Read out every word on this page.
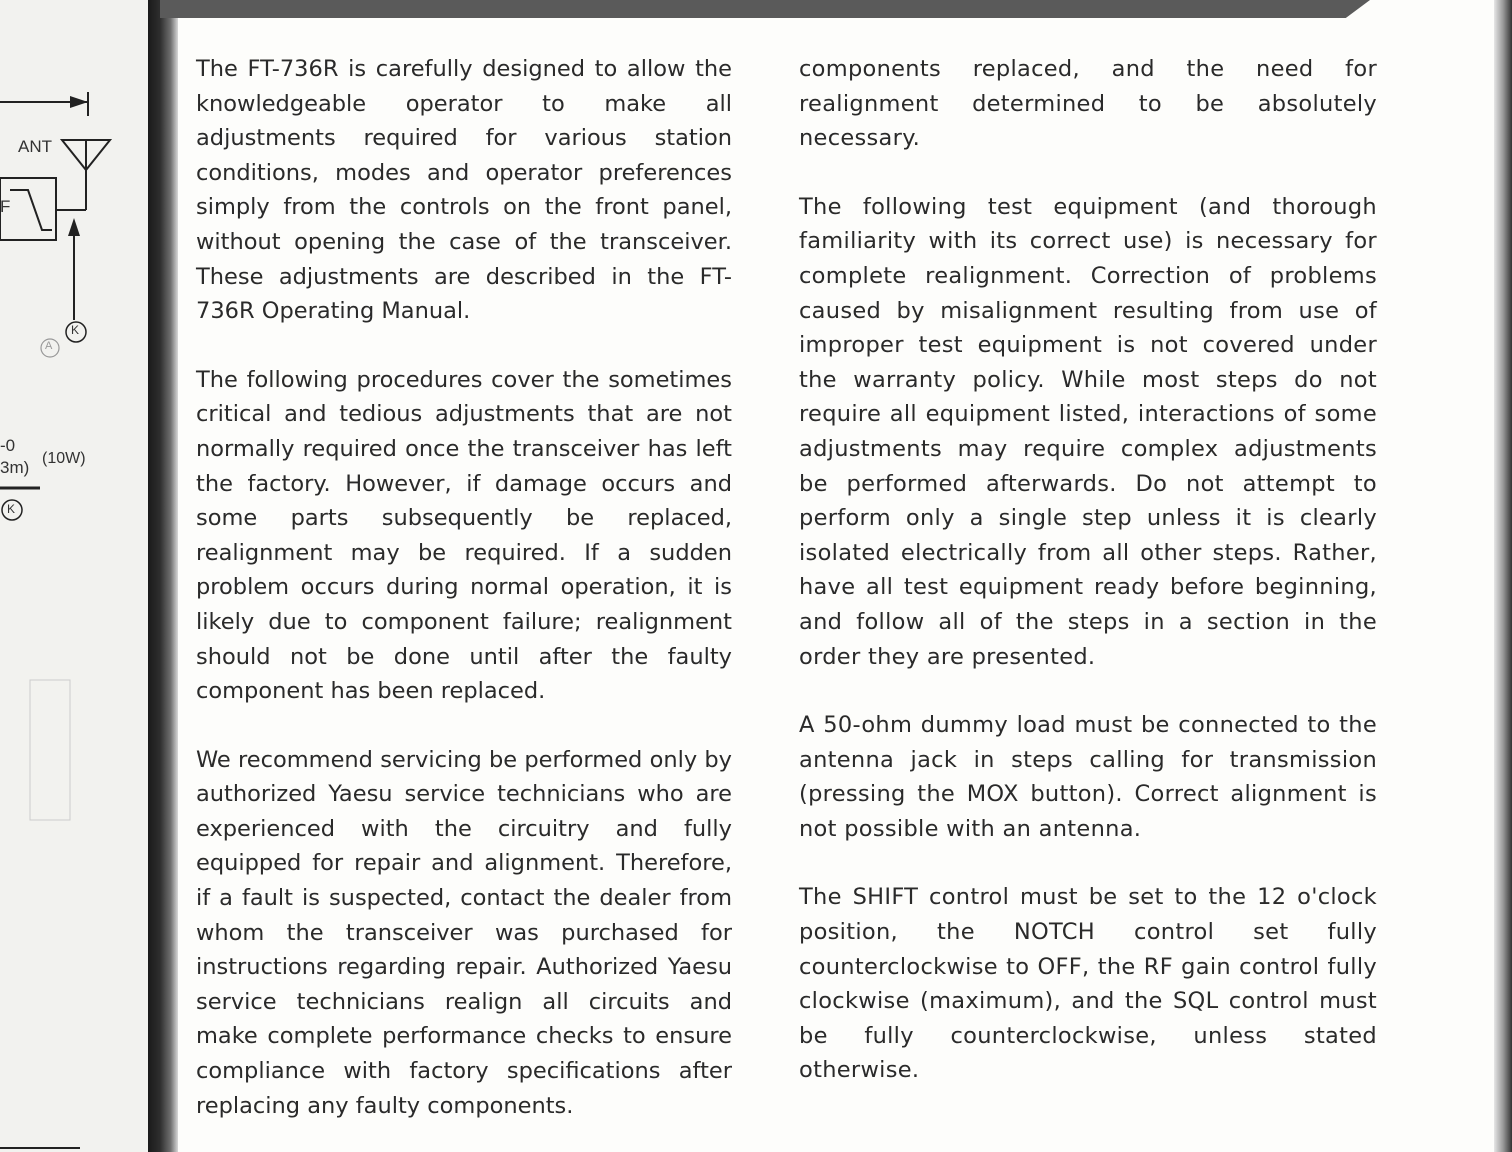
ANT
F
K
A
-0
3m) (10W)
K

The FT-736R is carefully designed to allow the knowledgeable operator to make all adjustments required for various station conditions, modes and operator preferences simply from the controls on the front panel, without opening the case of the transceiver. These adjustments are described in the FT-736R Operating Manual.

The following procedures cover the sometimes critical and tedious adjustments that are not normally required once the transceiver has left the factory. However, if damage occurs and some parts subsequently be replaced, realignment may be required. If a sudden problem occurs during normal operation, it is likely due to component failure; realignment should not be done until after the faulty component has been replaced.

We recommend servicing be performed only by authorized Yaesu service technicians who are experienced with the circuitry and fully equipped for repair and alignment. Therefore, if a fault is suspected, contact the dealer from whom the transceiver was purchased for instructions regarding repair. Authorized Yaesu service technicians realign all circuits and make complete performance checks to ensure compliance with factory specifications after replacing any faulty components.

components replaced, and the need for realignment determined to be absolutely necessary.

The following test equipment (and thorough familiarity with its correct use) is necessary for complete realignment. Correction of problems caused by misalignment resulting from use of improper test equipment is not covered under the warranty policy. While most steps do not require all equipment listed, interactions of some adjustments may require complex adjustments be performed afterwards. Do not attempt to perform only a single step unless it is clearly isolated electrically from all other steps. Rather, have all test equipment ready before beginning, and follow all of the steps in a section in the order they are presented.

A 50-ohm dummy load must be connected to the antenna jack in steps calling for transmission (pressing the MOX button). Correct alignment is not possible with an antenna.

The SHIFT control must be set to the 12 o'clock position, the NOTCH control set fully counterclockwise to OFF, the RF gain control fully clockwise (maximum), and the SQL control must be fully counterclockwise, unless stated otherwise.
